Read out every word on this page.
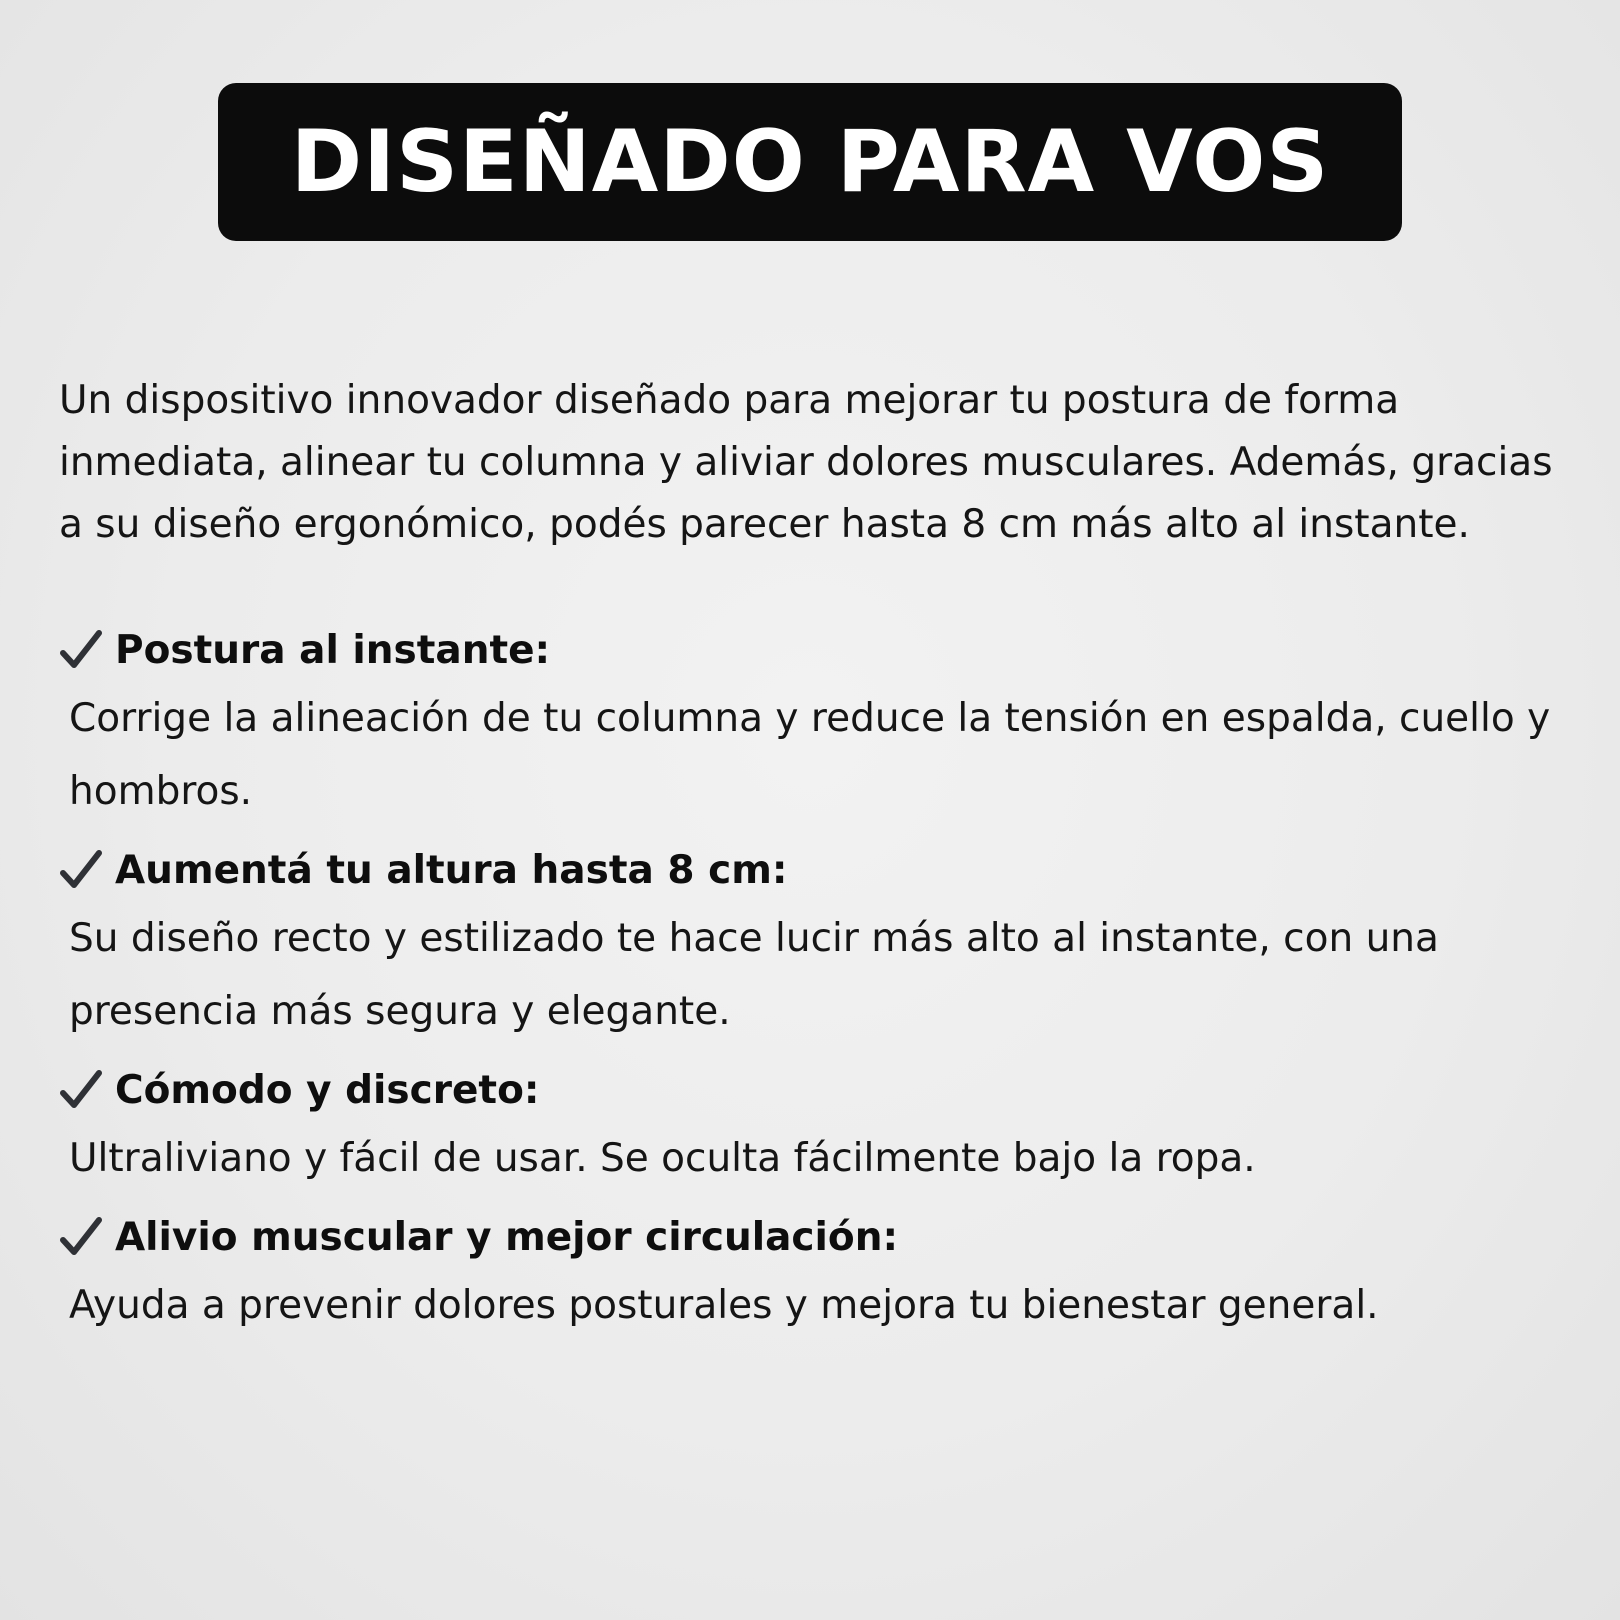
DISEÑADO PARA VOS

Un dispositivo innovador diseñado para mejorar tu postura de forma inmediata, alinear tu columna y aliviar dolores musculares. Además, gracias a su diseño ergonómico, podés parecer hasta 8 cm más alto al instante.

Postura al instante:

Corrige la alineación de tu columna y reduce la tensión en espalda, cuello y hombros.

Aumentá tu altura hasta 8 cm:

Su diseño recto y estilizado te hace lucir más alto al instante, con una presencia más segura y elegante.

Cómodo y discreto:

Ultraliviano y fácil de usar. Se oculta fácilmente bajo la ropa.

Alivio muscular y mejor circulación:

Ayuda a prevenir dolores posturales y mejora tu bienestar general.
